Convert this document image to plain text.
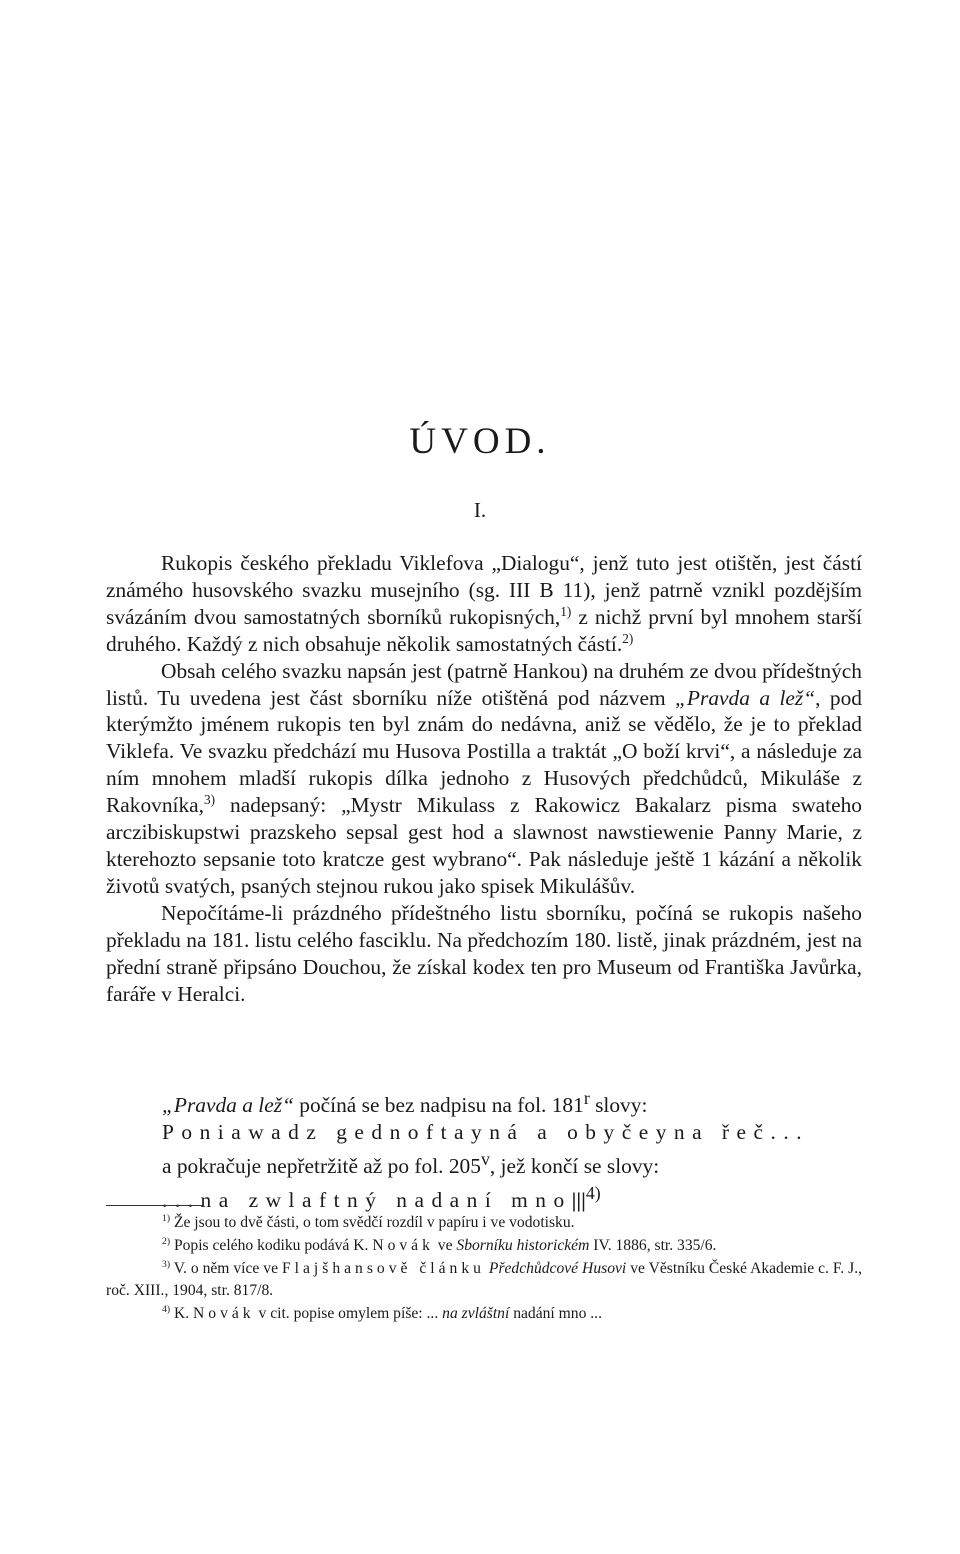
ÚVOD.
I.

Rukopis českého překladu Viklefova „Dialogu“, jenž tuto jest otištěn, jest částí známého husovského svazku musejního (sg. III B 11), jenž patrně vznikl pozdějším svázáním dvou samostatných sborníků rukopisných,$^{1)}$ z nichž první byl mnohem starší druhého. Každý z nich obsahuje několik samostatných částí.$^{2)}$

Obsah celého svazku napsán jest (patrně Hankou) na druhém ze dvou přídeštných listů. Tu uvedena jest část sborníku níže otištěná pod názvem „Pravda a lež“, pod kterýmžto jménem rukopis ten byl znám do nedávna, aniž se vědělo, že je to překlad Viklefa. Ve svazku předchází mu Husova Postilla a traktát „O boží krvi“, a následuje za ním mnohem mladší rukopis dílka jednoho z Husových předchůdců, Mikuláše z Rakovníka,$^{3)}$ nadepsaný: „Mystr Mikulass z Rakowicz Bakalarz pisma swateho arczibiskupstwi prazskeho sepsal gest hod a slawnost nawstiewenie Panny Marie, z kterehozto sepsanie toto kratcze gest wybrano“. Pak následuje ještě 1 kázání a několik životů svatých, psaných stejnou rukou jako spisek Mikulášův.

Nepočítáme-li prázdného přídeštného listu sborníku, počíná se rukopis našeho překladu na 181. listu celého fasciklu. Na předchozím 180. listě, jinak prázdném, jest na přední straně připsáno Douchou, že získal kodex ten pro Museum od Františka Javůrka, faráře v Heralci.

„Pravda a lež“ počíná se bez nadpisu na fol. 181$^r$ slovy:
Poniawadz gednoftayná a obyčeyna řeč...
a pokračuje nepřetržitě až po fol. 205$^v$, jež končí se slovy:
...na zwlaftný nadaní $mno|||^{4)}$

$^{1)}$ Že jsou to dvě části, o tom svědčí rozdíl v papíru i ve vodotisku.

$^{2)}$ Popis celého kodiku podává K. Novák ve Sborníku historickém IV. 1886, str. 335/6.

$^{3)}$ V. o něm více ve Flajšhansově článku Předchůdcové Husovi ve Věstníku České Akademie c. F. J., roč. XIII., 1904, str. 817/8.

$^{4)}$ K. Novák v cit. popise omylem píše: ... na zvláštní nadání mno ...
